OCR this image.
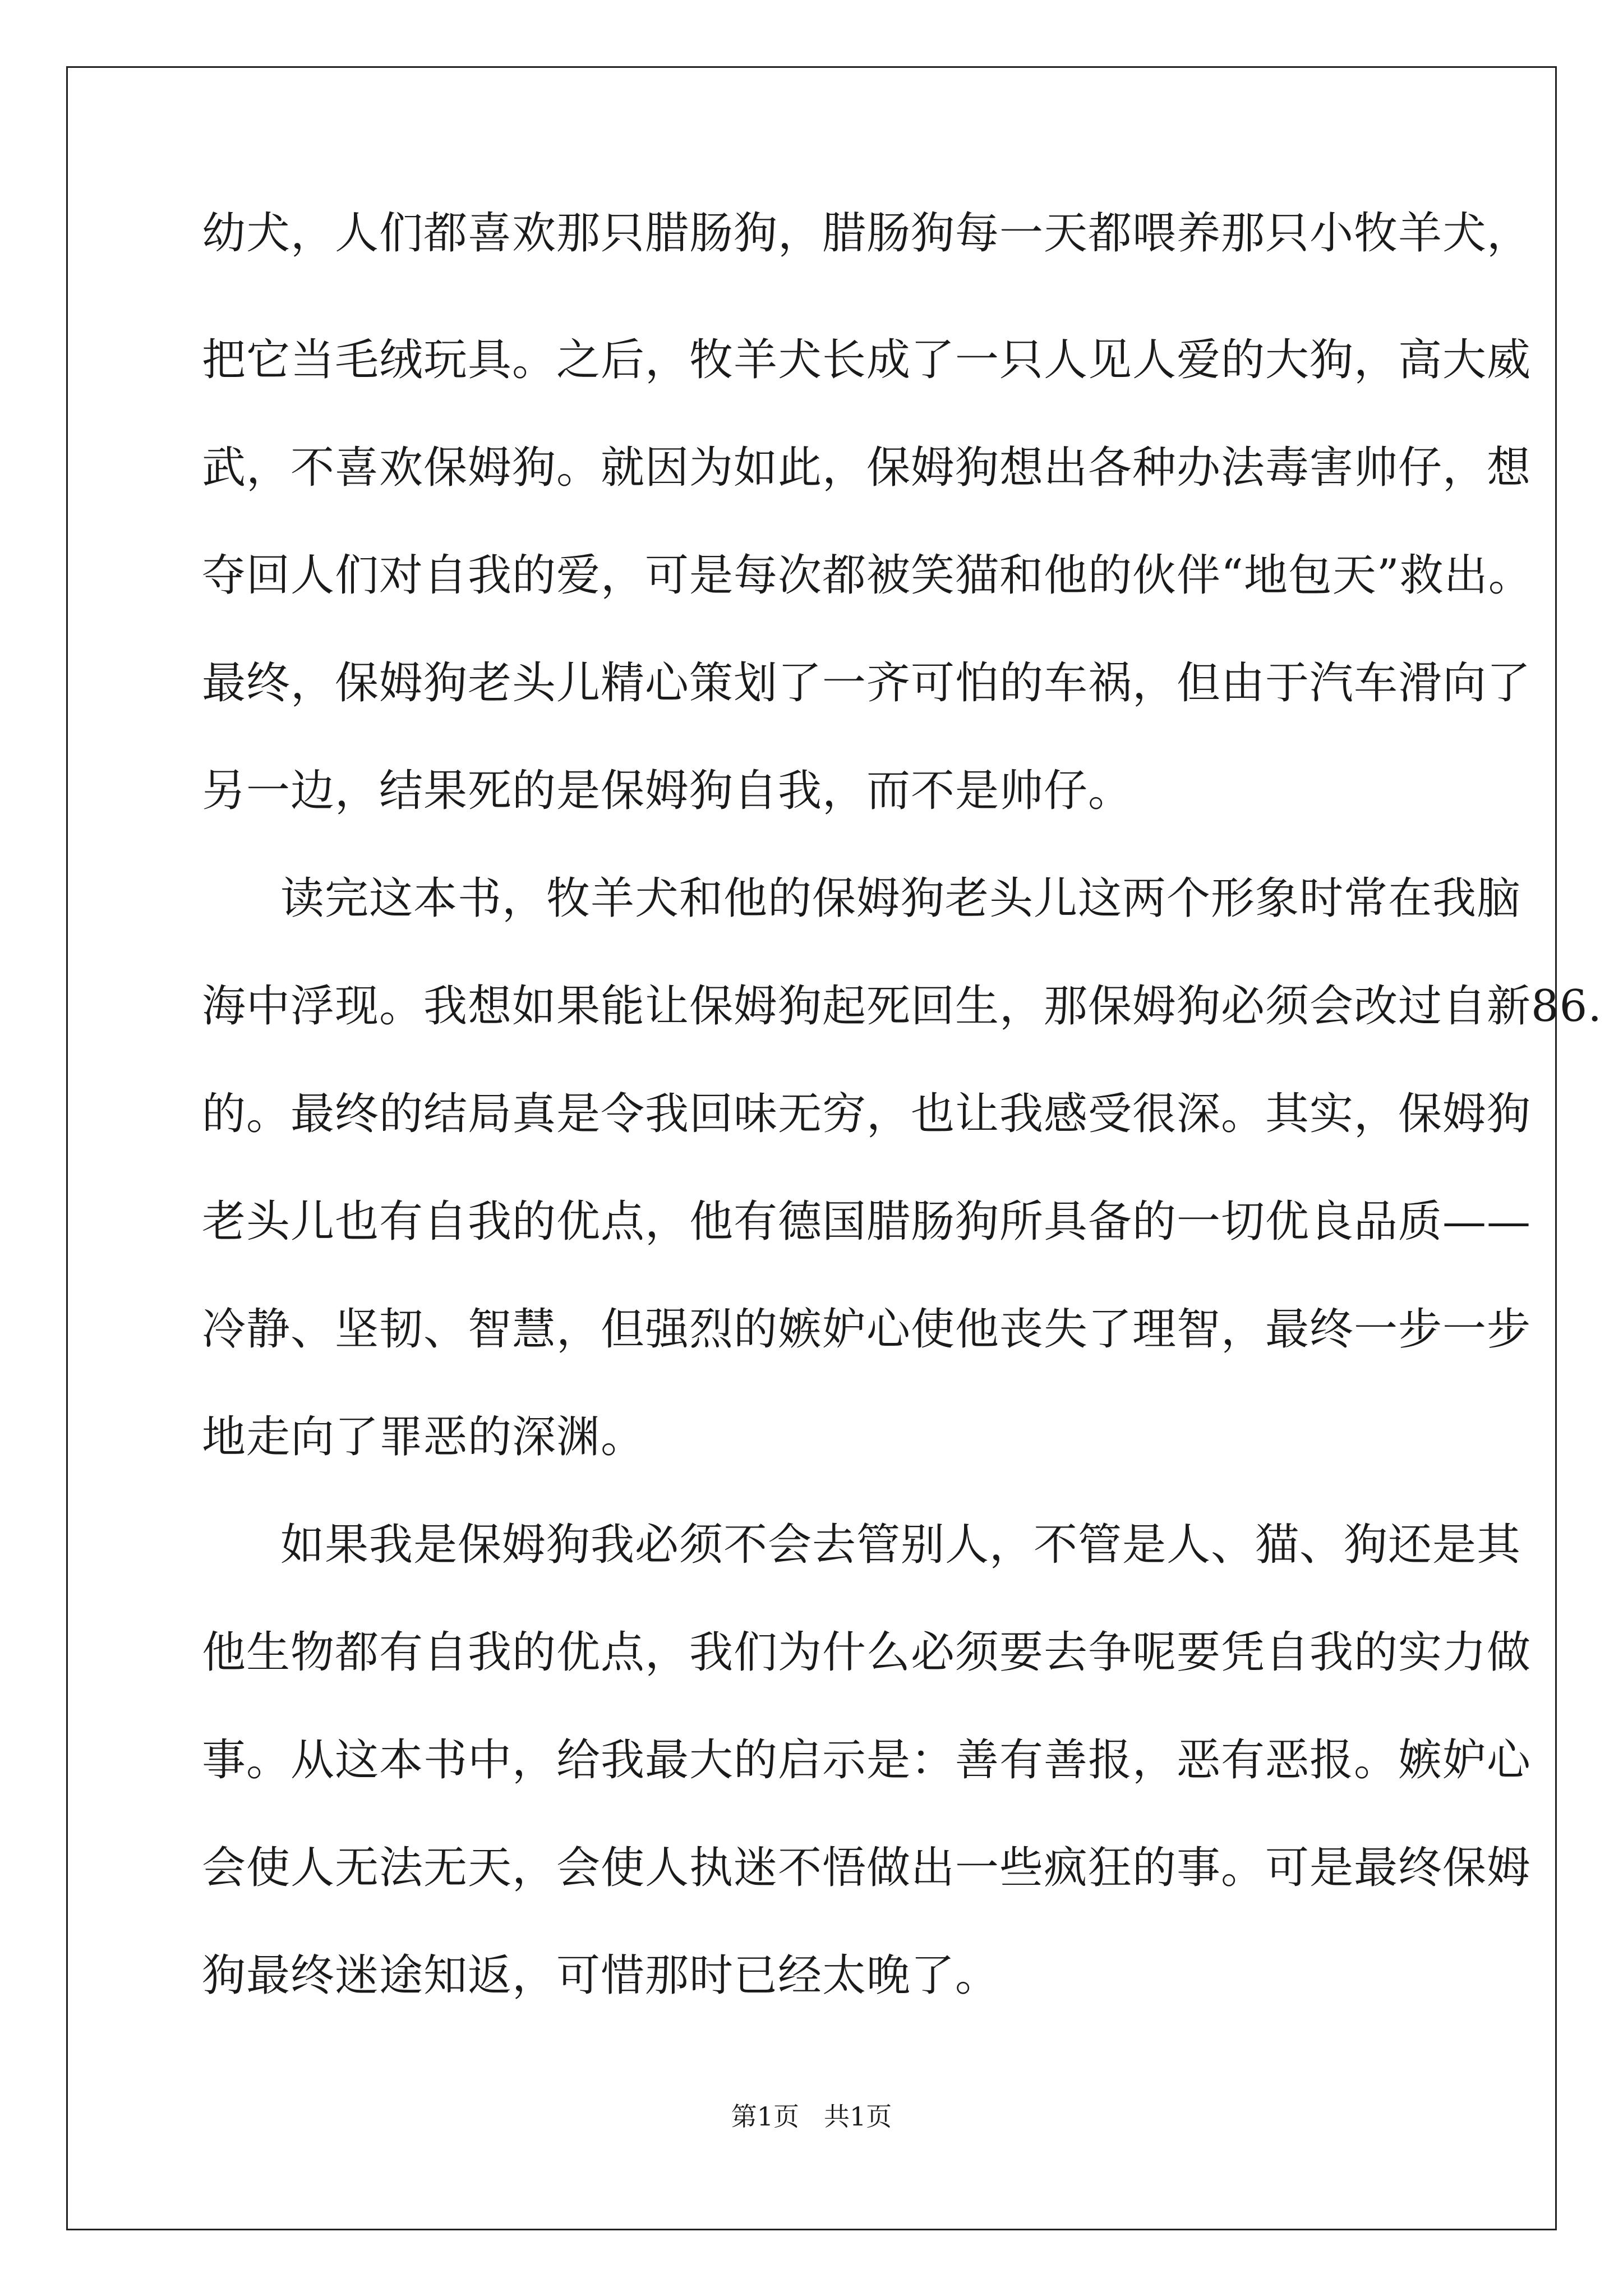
幼犬，人们都喜欢那只腊肠狗，腊肠狗每一天都喂养那只小牧羊犬，
把它当毛绒玩具。之后，牧羊犬长成了一只人见人爱的大狗，高大威
武，不喜欢保姆狗。就因为如此，保姆狗想出各种办法毒害帅仔，想
夺回人们对自我的爱，可是每次都被笑猫和他的伙伴“地包天”救出。
最终，保姆狗老头儿精心策划了一齐可怕的车祸，但由于汽车滑向了
另一边，结果死的是保姆狗自我，而不是帅仔。
读完这本书，牧羊犬和他的保姆狗老头儿这两个形象时常在我脑
海中浮现。我想如果能让保姆狗起死回生，那保姆狗必须会改过自新86.
的。最终的结局真是令我回味无穷，也让我感受很深。其实，保姆狗
老头儿也有自我的优点，他有德国腊肠狗所具备的一切优良品质——
冷静、坚韧、智慧，但强烈的嫉妒心使他丧失了理智，最终一步一步
地走向了罪恶的深渊。
如果我是保姆狗我必须不会去管别人，不管是人、猫、狗还是其
他生物都有自我的优点，我们为什么必须要去争呢要凭自我的实力做
事。从这本书中，给我最大的启示是：善有善报，恶有恶报。嫉妒心
会使人无法无天，会使人执迷不悟做出一些疯狂的事。可是最终保姆
狗最终迷途知返，可惜那时已经太晚了。
第1页 共1页
